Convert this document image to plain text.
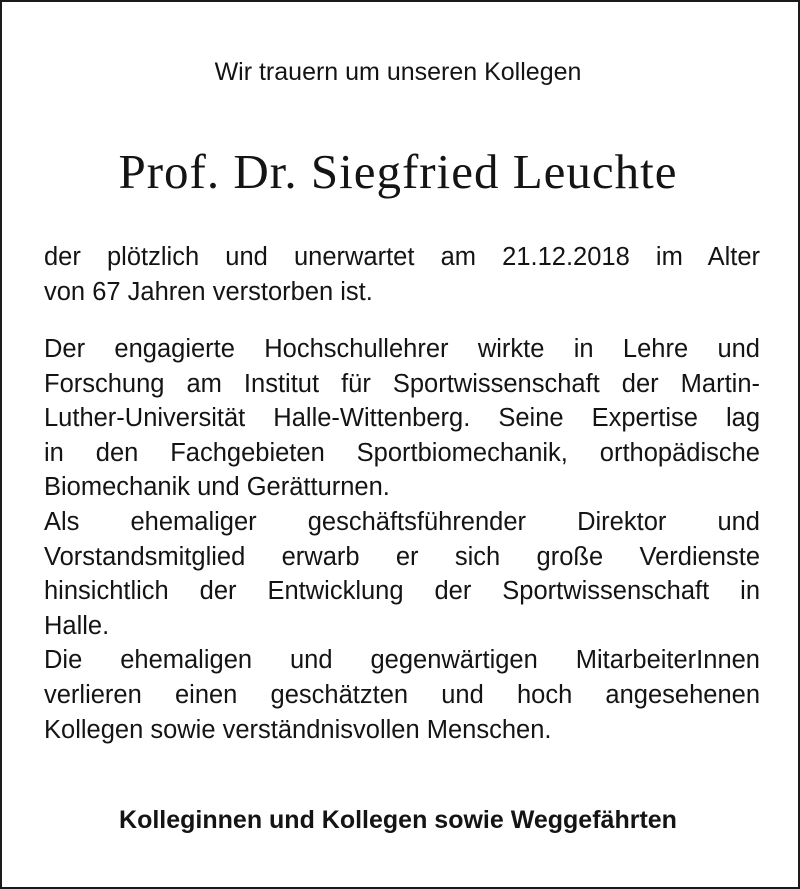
Wir trauern um unseren Kollegen
Prof. Dr. Siegfried Leuchte
der plötzlich und unerwartet am 21.12.2018 im Alter
von 67 Jahren verstorben ist.
Der engagierte Hochschullehrer wirkte in Lehre und
Forschung am Institut für Sportwissenschaft der Martin-
Luther-Universität Halle-Wittenberg. Seine Expertise lag
in den Fachgebieten Sportbiomechanik, orthopädische
Biomechanik und Gerätturnen.
Als ehemaliger geschäftsführender Direktor und
Vorstandsmitglied erwarb er sich große Verdienste
hinsichtlich der Entwicklung der Sportwissenschaft in
Halle.
Die ehemaligen und gegenwärtigen MitarbeiterInnen
verlieren einen geschätzten und hoch angesehenen
Kollegen sowie verständnisvollen Menschen.
Kolleginnen und Kollegen sowie Weggefährten
